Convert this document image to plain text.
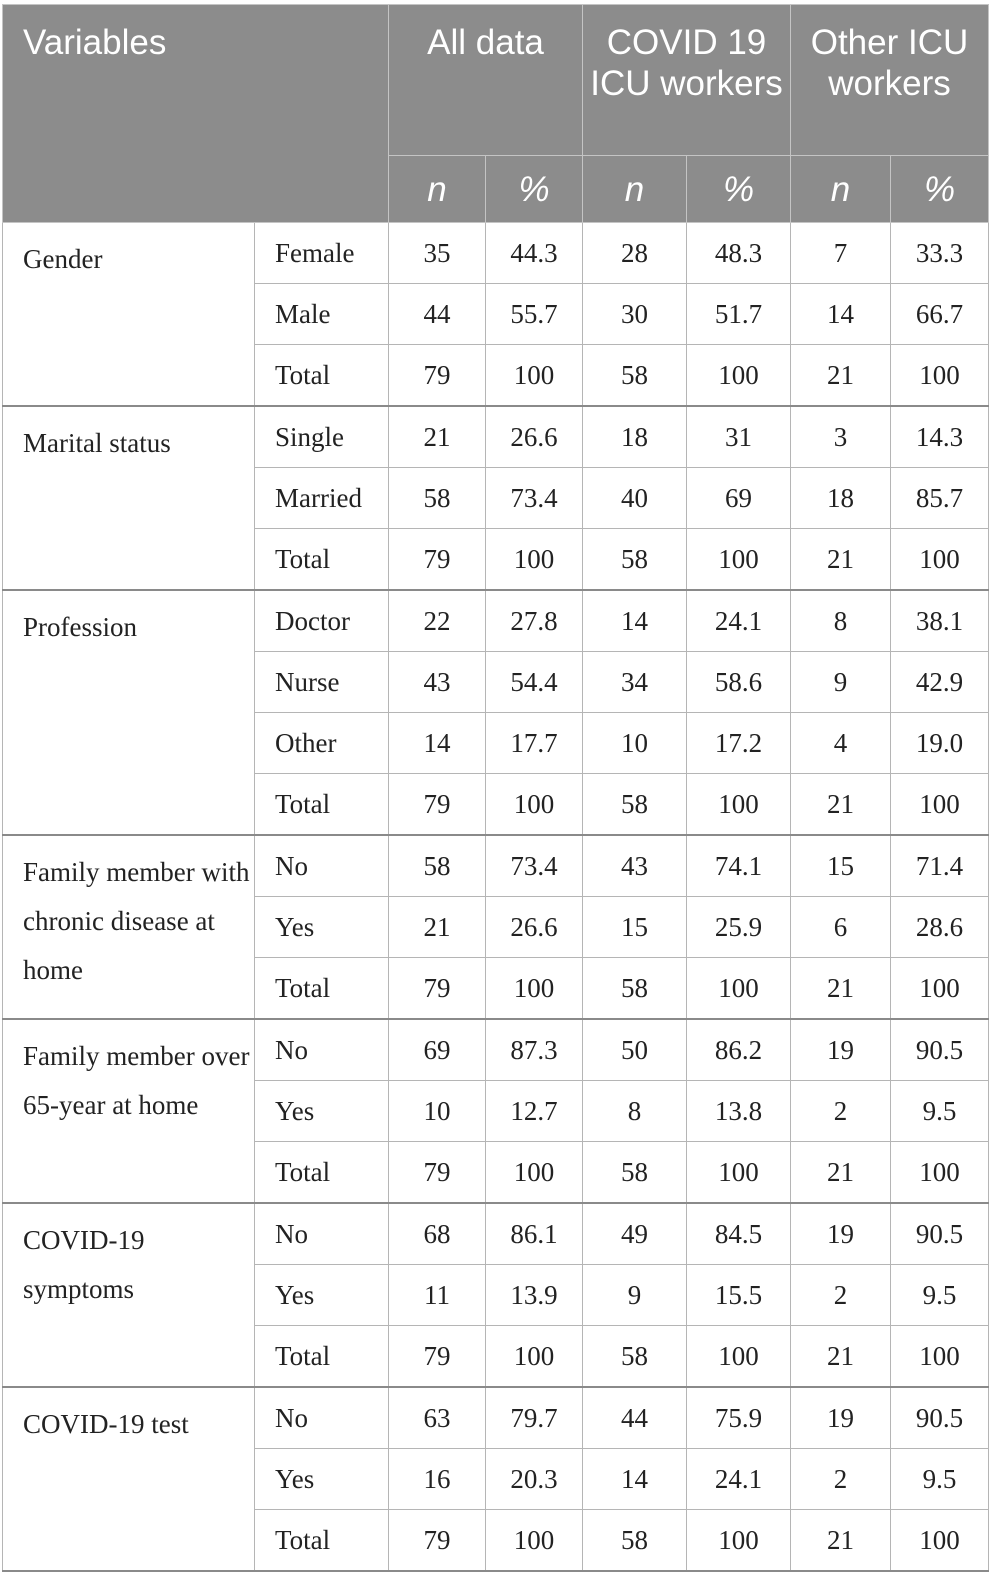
Variables		All data		COVID 19 ICU workers		Other ICU workers	
		n	%	n	%	n	%
Gender	Female	35	44.3	28	48.3	7	33.3
	Male	44	55.7	30	51.7	14	66.7
	Total	79	100	58	100	21	100
Marital status	Single	21	26.6	18	31	3	14.3
	Married	58	73.4	40	69	18	85.7
	Total	79	100	58	100	21	100
Profession	Doctor	22	27.8	14	24.1	8	38.1
	Nurse	43	54.4	34	58.6	9	42.9
	Other	14	17.7	10	17.2	4	19.0
	Total	79	100	58	100	21	100
Family member with chronic disease at home	No	58	73.4	43	74.1	15	71.4
	Yes	21	26.6	15	25.9	6	28.6
	Total	79	100	58	100	21	100
Family member over 65-year at home	No	69	87.3	50	86.2	19	90.5
	Yes	10	12.7	8	13.8	2	9.5
	Total	79	100	58	100	21	100
COVID-19 symptoms	No	68	86.1	49	84.5	19	90.5
	Yes	11	13.9	9	15.5	2	9.5
	Total	79	100	58	100	21	100
COVID-19 test	No	63	79.7	44	75.9	19	90.5
	Yes	16	20.3	14	24.1	2	9.5
	Total	79	100	58	100	21	100
